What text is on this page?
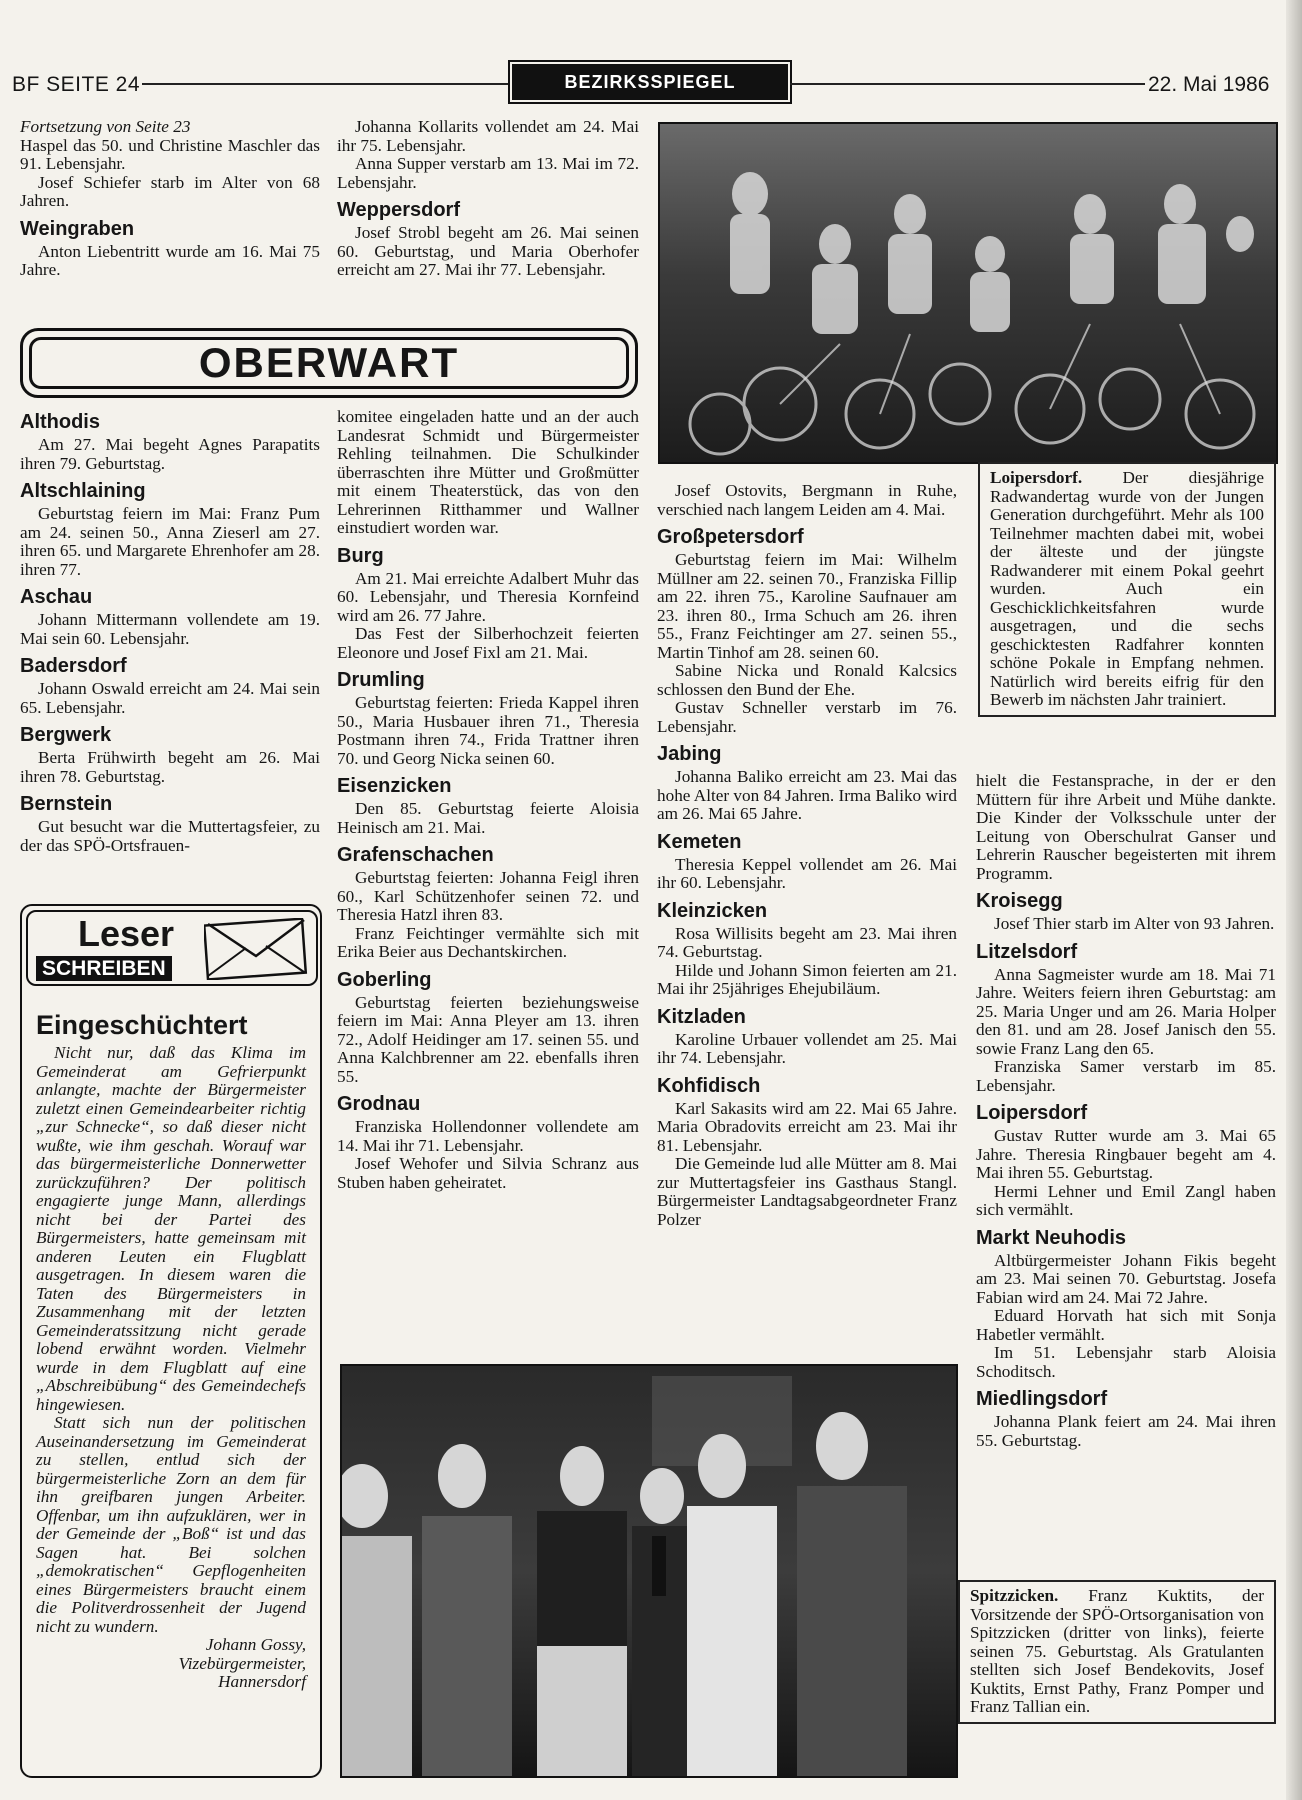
BF SEITE 24	BEZIRKSSPIEGEL	22. Mai 1986

Fortsetzung von Seite 23

Haspel das 50. und Christine Maschler das 91. Lebensjahr.

Josef Schiefer starb im Alter von 68 Jahren.

Weingraben

Anton Liebentritt wurde am 16. Mai 75 Jahre.

Johanna Kollarits vollendet am 24. Mai ihr 75. Lebensjahr.

Anna Supper verstarb am 13. Mai im 72. Lebensjahr.

Weppersdorf

Josef Strobl begeht am 26. Mai seinen 60. Geburtstag, und Maria Oberhofer erreicht am 27. Mai ihr 77. Lebensjahr.

OBERWART
Althodis

Am 27. Mai begeht Agnes Parapatits ihren 79. Geburtstag.

Altschlaining

Geburtstag feiern im Mai: Franz Pum am 24. seinen 50., Anna Zieserl am 27. ihren 65. und Margarete Ehrenhofer am 28. ihren 77.

Aschau

Johann Mittermann vollendete am 19. Mai sein 60. Lebensjahr.

Badersdorf

Johann Oswald erreicht am 24. Mai sein 65. Lebensjahr.

Bergwerk

Berta Frühwirth begeht am 26. Mai ihren 78. Geburtstag.

Bernstein

Gut besucht war die Muttertagsfeier, zu der das SPÖ-Ortsfrauen-

Leser
SCHREIBEN
Eingeschüchtert

Nicht nur, daß das Klima im Gemeinderat am Gefrierpunkt anlangte, machte der Bürgermeister zuletzt einen Gemeindearbeiter richtig „zur Schnecke“, so daß dieser nicht wußte, wie ihm geschah. Worauf war das bürgermeisterliche Donnerwetter zurückzuführen? Der politisch engagierte junge Mann, allerdings nicht bei der Partei des Bürgermeisters, hatte gemeinsam mit anderen Leuten ein Flugblatt ausgetragen. In diesem waren die Taten des Bürgermeisters in Zusammenhang mit der letzten Gemeinderatssitzung nicht gerade lobend erwähnt worden. Vielmehr wurde in dem Flugblatt auf eine „Abschreibübung“ des Gemeindechefs hingewiesen.

Statt sich nun der politischen Auseinandersetzung im Gemeinderat zu stellen, entlud sich der bürgermeisterliche Zorn an dem für ihn greifbaren jungen Arbeiter. Offenbar, um ihn aufzuklären, wer in der Gemeinde der „Boß“ ist und das Sagen hat. Bei solchen „demokratischen“ Gepflogenheiten eines Bürgermeisters braucht einem die Politverdrossenheit der Jugend nicht zu wundern.

Johann Gossy,
Vizebürgermeister,
Hannersdorf

komitee eingeladen hatte und an der auch Landesrat Schmidt und Bürgermeister Rehling teilnahmen. Die Schulkinder überraschten ihre Mütter und Großmütter mit einem Theaterstück, das von den Lehrerinnen Ritthammer und Wallner einstudiert worden war.

Burg

Am 21. Mai erreichte Adalbert Muhr das 60. Lebensjahr, und Theresia Kornfeind wird am 26. 77 Jahre.

Das Fest der Silberhochzeit feierten Eleonore und Josef Fixl am 21. Mai.

Drumling

Geburtstag feierten: Frieda Kappel ihren 50., Maria Husbauer ihren 71., Theresia Postmann ihren 74., Frida Trattner ihren 70. und Georg Nicka seinen 60.

Eisenzicken

Den 85. Geburtstag feierte Aloisia Heinisch am 21. Mai.

Grafenschachen

Geburtstag feierten: Johanna Feigl ihren 60., Karl Schützenhofer seinen 72. und Theresia Hatzl ihren 83.

Franz Feichtinger vermählte sich mit Erika Beier aus Dechantskirchen.

Goberling

Geburtstag feierten beziehungsweise feiern im Mai: Anna Pleyer am 13. ihren 72., Adolf Heidinger am 17. seinen 55. und Anna Kalchbrenner am 22. ebenfalls ihren 55.

Grodnau

Franziska Hollendonner vollendete am 14. Mai ihr 71. Lebensjahr.

Josef Wehofer und Silvia Schranz aus Stuben haben geheiratet.

Loipersdorf. Der diesjährige Radwandertag wurde von der Jungen Generation durchgeführt. Mehr als 100 Teilnehmer machten dabei mit, wobei der älteste und der jüngste Radwanderer mit einem Pokal geehrt wurden. Auch ein Geschicklichkeitsfahren wurde ausgetragen, und die sechs geschicktesten Radfahrer konnten schöne Pokale in Empfang nehmen. Natürlich wird bereits eifrig für den Bewerb im nächsten Jahr trainiert.

Josef Ostovits, Bergmann in Ruhe, verschied nach langem Leiden am 4. Mai.

Großpetersdorf

Geburtstag feiern im Mai: Wilhelm Müllner am 22. seinen 70., Franziska Fillip am 22. ihren 75., Karoline Saufnauer am 23. ihren 80., Irma Schuch am 26. ihren 55., Franz Feichtinger am 27. seinen 55., Martin Tinhof am 28. seinen 60.

Sabine Nicka und Ronald Kalcsics schlossen den Bund der Ehe.

Gustav Schneller verstarb im 76. Lebensjahr.

Jabing

Johanna Baliko erreicht am 23. Mai das hohe Alter von 84 Jahren. Irma Baliko wird am 26. Mai 65 Jahre.

Kemeten

Theresia Keppel vollendet am 26. Mai ihr 60. Lebensjahr.

Kleinzicken

Rosa Willisits begeht am 23. Mai ihren 74. Geburtstag.

Hilde und Johann Simon feierten am 21. Mai ihr 25jähriges Ehejubiläum.

Kitzladen

Karoline Urbauer vollendet am 25. Mai ihr 74. Lebensjahr.

Kohfidisch

Karl Sakasits wird am 22. Mai 65 Jahre. Maria Obradovits erreicht am 23. Mai ihr 81. Lebensjahr.

Die Gemeinde lud alle Mütter am 8. Mai zur Muttertagsfeier ins Gasthaus Stangl. Bürgermeister Landtagsabgeordneter Franz Polzer

hielt die Festansprache, in der er den Müttern für ihre Arbeit und Mühe dankte. Die Kinder der Volksschule unter der Leitung von Oberschulrat Ganser und Lehrerin Rauscher begeisterten mit ihrem Programm.

Kroisegg

Josef Thier starb im Alter von 93 Jahren.

Litzelsdorf

Anna Sagmeister wurde am 18. Mai 71 Jahre. Weiters feiern ihren Geburtstag: am 25. Maria Unger und am 26. Maria Holper den 81. und am 28. Josef Janisch den 55. sowie Franz Lang den 65.

Franziska Samer verstarb im 85. Lebensjahr.

Loipersdorf

Gustav Rutter wurde am 3. Mai 65 Jahre. Theresia Ringbauer begeht am 4. Mai ihren 55. Geburtstag.

Hermi Lehner und Emil Zangl haben sich vermählt.

Markt Neuhodis

Altbürgermeister Johann Fikis begeht am 23. Mai seinen 70. Geburtstag. Josefa Fabian wird am 24. Mai 72 Jahre.

Eduard Horvath hat sich mit Sonja Habetler vermählt.

Im 51. Lebensjahr starb Aloisia Schoditsch.

Miedlingsdorf

Johanna Plank feiert am 24. Mai ihren 55. Geburtstag.

Spitzzicken. Franz Kuktits, der Vorsitzende der SPÖ-Ortsorganisation von Spitzzicken (dritter von links), feierte seinen 75. Geburtstag. Als Gratulanten stellten sich Josef Bendekovits, Josef Kuktits, Ernst Pathy, Franz Pomper und Franz Tallian ein.
